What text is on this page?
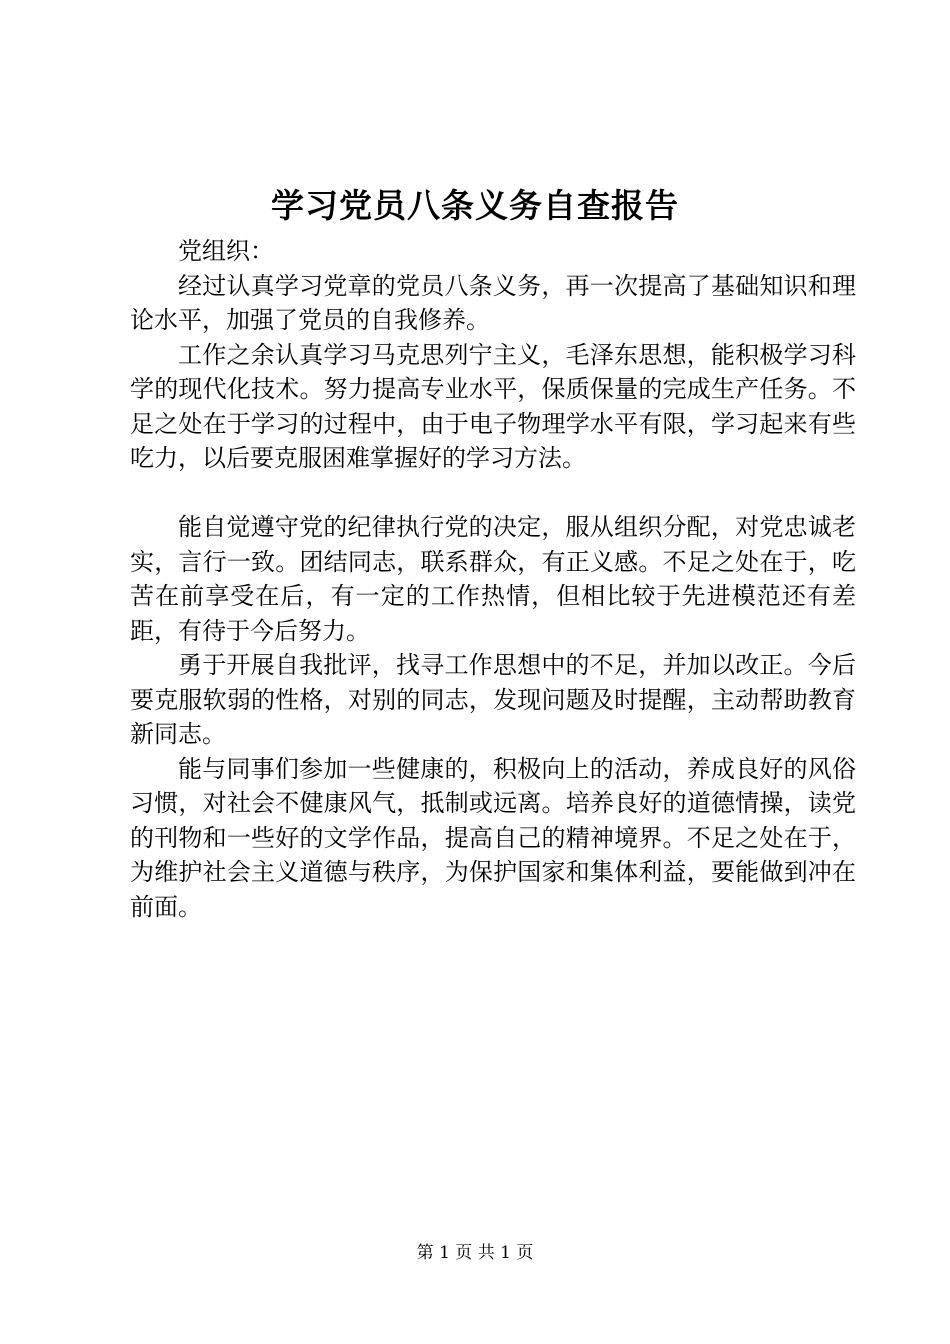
学习党员八条义务自查报告

党组织：

经过认真学习党章的党员八条义务，再一次提高了基础知识和理论水平，加强了党员的自我修养。

工作之余认真学习马克思列宁主义，毛泽东思想，能积极学习科学的现代化技术。努力提高专业水平，保质保量的完成生产任务。不足之处在于学习的过程中，由于电子物理学水平有限，学习起来有些吃力，以后要克服困难掌握好的学习方法。

能自觉遵守党的纪律执行党的决定，服从组织分配，对党忠诚老实，言行一致。团结同志，联系群众，有正义感。不足之处在于，吃苦在前享受在后，有一定的工作热情，但相比较于先进模范还有差距，有待于今后努力。

勇于开展自我批评，找寻工作思想中的不足，并加以改正。今后要克服软弱的性格，对别的同志，发现问题及时提醒，主动帮助教育新同志。

能与同事们参加一些健康的，积极向上的活动，养成良好的风俗习惯，对社会不健康风气，抵制或远离。培养良好的道德情操，读党的刊物和一些好的文学作品，提高自己的精神境界。不足之处在于，为维护社会主义道德与秩序，为保护国家和集体利益，要能做到冲在前面。

第 1 页 共 1 页
